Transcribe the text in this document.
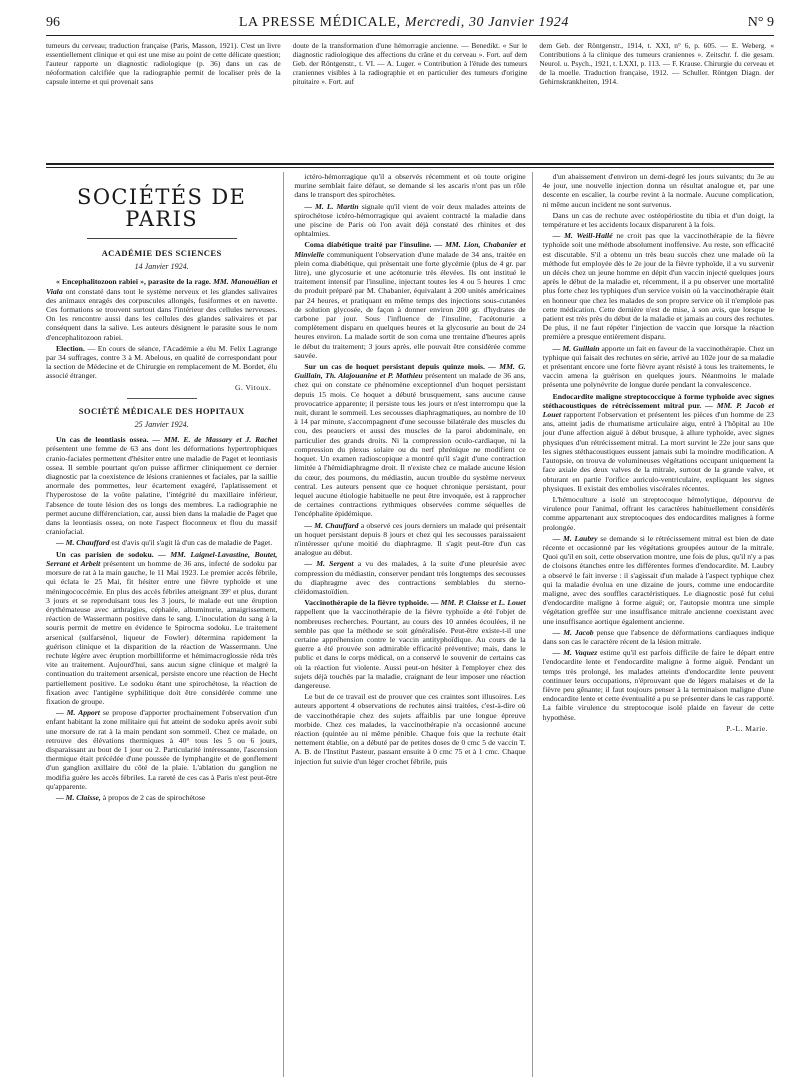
96	LA PRESSE MÉDICALE, Mercredi, 30 Janvier 1924	N° 9
tumeurs du cerveau; traduction française (Paris, Masson, 1921). C'est un livre essentiellement clinique et qui est une mise au point de cette délicate question; l'auteur rapporte un diagnostic radiologique (p. 36) dans un cas de néoformation calcifiée que la radiographie permit de localiser près de la capsule interne et qui provenait sans
doute de la transformation d'une hémorragie ancienne. — Benedikt. « Sur le diagnostic radiologique des affections du crâne et du cerveau ». Fort. auf dem Geb. der Röntgenstr., t. VI. — A. Luger. « Contribution à l'étude des tumeurs craniennes visibles à la radiographie et en particulier des tumeurs d'origine pituitaire ». Fort. auf
dem Geb. der Röntgenstr., 1914, t. XXI, n° 6, p. 605. — E. Weberg. « Contributions à la clinique des tumeurs craniennes ». Zeitschr. f. die gesam. Neurol. u. Psych., 1921, t. LXXI, p. 113. — F. Krause. Chirurgie du cerveau et de la moelle. Traduction française, 1912. — Schuller. Röntgen Diagn. der Gehirnskrankheiten, 1914.
SOCIÉTÉS DE PARIS
ACADÉMIE DES SCIENCES
14 Janvier 1924.

« Encephalitozoon rabiei », parasite de la rage. MM. Manouélian et Viala ont constaté dans tout le système nerveux et les glandes salivaires des animaux enragés des corpuscules allongés, fusiformes et en navette. Ces formations se trouvent surtout dans l'intérieur des cellules nerveuses. On les rencontre aussi dans les cellules des glandes salivaires et par conséquent dans la salive. Les auteurs désignent le parasite sous le nom d'encephalitozoon rabiei.

Election. — En cours de séance, l'Académie a élu M. Felix Lagrange par 34 suffrages, contre 3 à M. Abelous, en qualité de correspondant pour la section de Médecine et de Chirurgie en remplacement de M. Bordet, élu associé étranger.

G. Vitoux.
SOCIÉTÉ MÉDICALE DES HOPITAUX
25 Janvier 1924.

Un cas de leontiasis ossea. — MM. E. de Massary et J. Rachet présentent une femme de 63 ans dont les déformations hypertrophiques cranio-faciales permettent d'hésiter entre une maladie de Paget et leontiasis ossea. Il semble pourtant qu'on puisse affirmer cliniquement ce dernier diagnostic par la coexistence de lésions craniennes et faciales, par la saillie anormale des pommettes, leur écartement exagéré, l'aplatissement et l'hyperostose de la voûte palatine, l'intégrité du maxillaire inférieur, l'absence de toute lésion des os longs des membres. La radiographie ne permet aucune différenciation, car, aussi bien dans la maladie de Paget que dans la leontiasis ossea, on note l'aspect floconneux et flou du massif craniofacial.

— M. Chauffard est d'avis qu'il s'agit là d'un cas de maladie de Paget.

Un cas parisien de sodoku. — MM. Laignel-Lavastine, Boutet, Serrant et Arbeit présentent un homme de 36 ans, infecté de sodoku par morsure de rat à la main gauche, le 11 Mai 1923. Le premier accès fébrile, qui éclata le 25 Mai, fit hésiter entre une fièvre typhoïde et une méningococcémie. En plus des accès fébriles atteignant 39° et plus, durant 3 jours et se reproduisant tous les 3 jours, le malade eut une éruption érythémateuse avec arthralgies, céphalée, albuminurie, amaigrissement, réaction de Wassermann positive dans le sang. L'inoculation du sang à la souris permit de mettre en évidence le Spirocma sodoku. Le traitement arsenical (sulfarsénol, liqueur de Fowler) détermina rapidement la guérison clinique et la disparition de la réaction de Wassermann. Une rechute légère avec éruption morbilliforme et hémimacroglossie réda très vite au traitement. Aujourd'hui, sans aucun signe clinique et malgré la continuation du traitement arsenical, persiste encore une réaction de Hecht partiellement positive. Le sodoku étant une spirochétose, la réaction de fixation avec l'antigène syphilitique doit être considérée comme une fixation de groupe.

— M. Apport se propose d'apporter prochainement l'observation d'un enfant habitant la zone militaire qui fut atteint de sodoku après avoir subi une morsure de rat à la main pendant son sommeil. Chez ce malade, on retrouve des élévations thermiques à 40° tous les 5 ou 6 jours, disparaissant au bout de 1 jour ou 2. Particularité intéressante, l'ascension thermique était précédée d'une poussée de lymphangite et de gonflement d'un ganglion axillaire du côté de la plaie. L'ablation du ganglion ne modifia guère les accès fébriles. La rareté de ces cas à Paris n'est peut-être qu'apparente.

— M. Claisse, à propos de 2 cas de spirochétose

ictéro-hémorragique qu'il a observés récemment et où toute origine murine semblait faire défaut, se demande si les ascaris n'ont pas un rôle dans le transport des spirochètes.

— M. L. Martin signale qu'il vient de voir deux malades atteints de spirochétose ictéro-hémorragique qui avaient contracté la maladie dans une piscine de Paris où l'on avait déjà constaté des rhinites et des ophtalmies.

Coma diabétique traité par l'insuline. — MM. Lion, Chabanier et Minvielle communiquent l'observation d'une malade de 34 ans, traitée en plein coma diabétique, qui présentait une forte glycémie (plus de 4 gr. par litre), une glycosurie et une acétonurie très élevées. Ils ont institué le traitement intensif par l'insuline, injectant toutes les 4 ou 5 heures 1 cmc du produit préparé par M. Chabanier, équivalant à 200 unités américaines par 24 heures, et pratiquant en même temps des injections sous-cutanées de solution glycosée, de façon à donner environ 200 gr. d'hydrates de carbone par jour. Sous l'influence de l'insuline, l'acétonurie a complètement disparu en quelques heures et la glycosurie au bout de 24 heures environ. La malade sortit de son coma une trentaine d'heures après le début du traitement; 3 jours après, elle pouvait être considérée comme sauvée.

Sur un cas de hoquet persistant depuis quinze mois. — MM. G. Guillain, Th. Alajouanine et P. Mathieu présentent un malade de 36 ans, chez qui on constate ce phénomène exceptionnel d'un hoquet persistant depuis 15 mois. Ce hoquet a débuté brusquement, sans aucune cause provocatrice apparente; il persiste tous les jours et n'est interrompu que la nuit, durant le sommeil. Les secousses diaphragmatiques, au nombre de 10 à 14 par minute, s'accompagnent d'une secousse bilatérale des muscles du cou, des peauciers et aussi des muscles de la paroi abdominale, en particulier des grands droits. Ni la compression oculo-cardiaque, ni la compression du plexus solaire ou du nerf phrénique ne modifient ce hoquet. Un examen radioscopique a montré qu'il s'agit d'une contraction limitée à l'hémidiaphragme droit. Il n'existe chez ce malade aucune lésion du cœur, des poumons, du médiastin, aucun trouble du système nerveux central. Les auteurs pensent que ce hoquet chronique persistant, pour lequel aucune étiologie habituelle ne peut être invoquée, est à rapprocher de certaines contractions rythmiques observées comme séquelles de l'encéphalite épidémique.

— M. Chauffard a observé ces jours derniers un malade qui présentait un hoquet persistant depuis 8 jours et chez qui les secousses paraissaient n'intéresser qu'une moitié du diaphragme. Il s'agit peut-être d'un cas analogue au début.

— M. Sergent a vu des malades, à la suite d'une pleurésie avec compression du médiastin, conserver pendant très longtemps des secousses du diaphragme avec des contractions semblables du sterno-cléidomastoïdien.

Vaccinothérapie de la fièvre typhoïde. — MM. P. Claisse et L. Louet rappellent que la vaccinothérapie de la fièvre typhoïde a été l'objet de nombreuses recherches. Pourtant, au cours des 10 années écoulées, il ne semble pas que la méthode se soit généralisée. Peut-être existe-t-il une certaine appréhension contre le vaccin antityphoïdique. Au cours de la guerre a été prouvée son admirable efficacité préventive; mais, dans le public et dans le corps médical, on a conservé le souvenir de certains cas où la réaction fut violente. Aussi peut-on hésiter à l'employer chez des sujets déjà touchés par la maladie, craignant de leur imposer une réaction dangereuse.

Le but de ce travail est de prouver que ces craintes sont illusoires. Les auteurs apportent 4 observations de rechutes ainsi traitées, c'est-à-dire où de vaccinothérapie chez des sujets affaiblis par une longue épreuve morbide. Chez ces malades, la vaccinothérapie n'a occasionné aucune réaction (quintée au ni même pénible. Chaque fois que la rechute était nettement établie, on a débuté par de petites doses de 0 cmc 5 de vaccin T. A. B. de l'Institut Pasteur, passant ensuite à 0 cmc 75 et à 1 cmc. Chaque injection fut suivie d'un léger crochet fébrile, puis

d'un abaissement d'environ un demi-degré les jours suivants; du 3e au 4e jour, une nouvelle injection donna un résultat analogue et, par une descente en escalier, la courbe revint à la normale. Aucune complication, ni même aucun incident ne sont survenus.

Dans un cas de rechute avec ostéopériostite du tibia et d'un doigt, la température et les accidents locaux disparurent à la fois.

— M. Weill-Hallé ne croit pas que la vaccinothérapie de la fièvre typhoïde soit une méthode absolument inoffensive. Au reste, son efficacité est discutable. S'il a obtenu un très beau succès chez une malade où la méthode fut employée dès le 2e jour de la fièvre typhoïde, il a vu survenir un décès chez un jeune homme en dépit d'un vaccin injecté quelques jours après le début de la maladie et, récemment, il a pu observer une mortalité plus forte chez les typhiques d'un service voisin où la vaccinothérapie était en honneur que chez les malades de son propre service où il n'emploie pas cette médication. Cette dernière n'est de mise, à son avis, que lorsque le patient est très près du début de la maladie et jamais au cours des rechutes. De plus, il ne faut répéter l'injection de vaccin que lorsque la réaction première a presque entièrement disparu.

— M. Guillain apporte un fait en faveur de la vaccinothérapie. Chez un typhique qui faisait des rechutes en série, arrivé au 102e jour de sa maladie et présentant encore une forte fièvre ayant résisté à tous les traitements, le vaccin amena la guérison en quelques jours. Néanmoins le malade présenta une polynévrite de longue durée pendant la convalescence.

Endocardite maligne streptococcique à forme typhoïde avec signes stéthacoustiques de rétrécissement mitral pur. — MM. P. Jacob et Louet rapportent l'observation et présentent les pièces d'un homme de 23 ans, atteint jadis de rhumatisme articulaire aigu, entré à l'hôpital au 10e jour d'une affection aiguë à début brusque, à allure typhoïde, avec signes physiques d'un rétrécissement mitral. La mort survint le 22e jour sans que les signes stéthacoustiques eussent jamais subi la moindre modification. A l'autopsie, on trouva de volumineuses végétations occupant uniquement la face axiale des deux valves de la mitrale, surtout de la grande valve, et obturant en partie l'orifice auriculo-ventriculaire, expliquant les signes physiques. Il existait des embolies viscérales récentes.

L'hémoculture a isolé un streptocoque hémolytique, dépourvu de virulence pour l'animal, offrant les caractères habituellement considérés comme appartenant aux streptocoques des endocardites malignes à forme prolongée.

— M. Laubry se demande si le rétrécissement mitral est bien de date récente et occasionné par les végétations groupées autour de la mitrale. Quoi qu'il en soit, cette observation montre, une fois de plus, qu'il n'y a pas de cloisons étanches entre les différentes formes d'endocardite. M. Laubry a observé le fait inverse : il s'agissait d'un malade à l'aspect typhique chez qui la maladie évolua en une dizaine de jours, comme une endocardite maligne, avec des souffles caractéristiques. Le diagnostic posé fut celui d'endocardite maligne à forme aiguë; or, l'autopsie montra une simple végétation greffée sur une insuffisance mitrale ancienne coexistant avec une insuffisance aortique également ancienne.

— M. Jacob pense que l'absence de déformations cardiaques indique dans son cas le caractère récent de la lésion mitrale.

— M. Vaquez estime qu'il est parfois difficile de faire le départ entre l'endocardite lente et l'endocardite maligne à forme aiguë. Pendant un temps très prolongé, les malades atteints d'endocardite lente peuvent continuer leurs occupations, n'éprouvant que de légers malaises et de la fièvre peu gênante; il faut toujours penser à la terminaison maligne d'une endocardite lente et cette éventualité a pu se présenter dans le cas rapporté. La faible virulence du streptocoque isolé plaide en faveur de cette hypothèse.

P.-L. Marie.
